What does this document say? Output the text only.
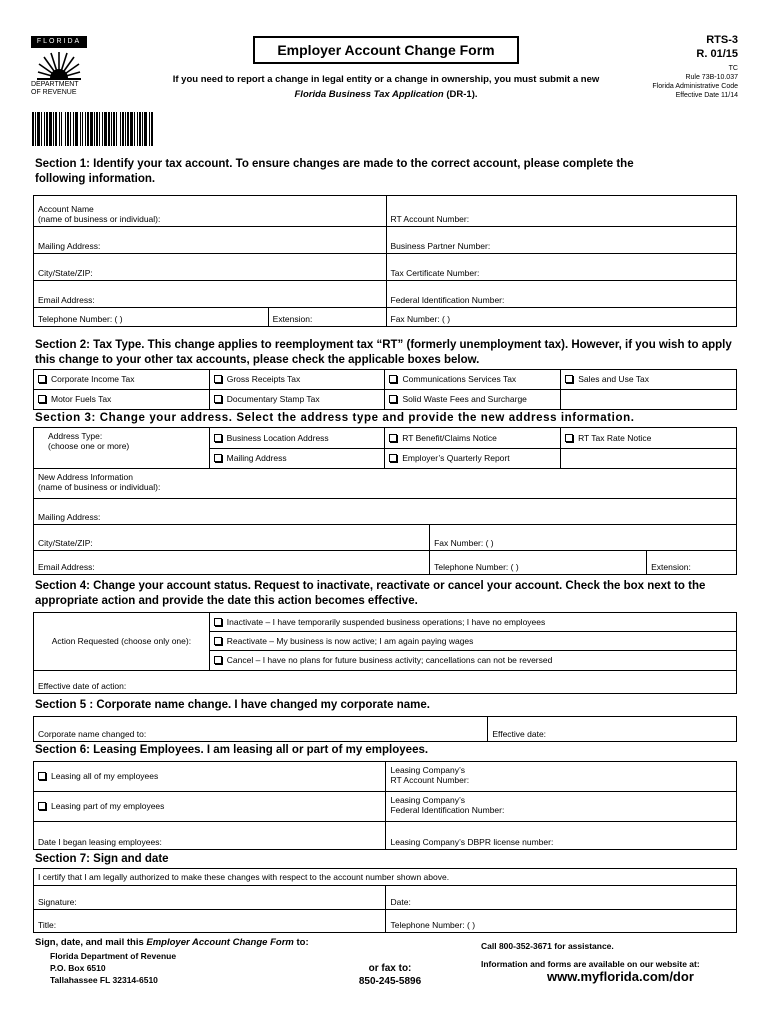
FLORIDA
DEPARTMENT
OF REVENUE
Employer Account Change Form
If you need to report a change in legal entity or a change in ownership, you must submit a new
Florida Business Tax Application (DR-1).
RTS-3
R. 01/15
TC
Rule 73B-10.037
Florida Administrative Code
Effective Date 11/14
Section 1: Identify your tax account. To ensure changes are made to the correct account, please complete the
following information.
Account Name
(name of business or individual):		RT Account Number:
Mailing Address:		Business Partner Number:
City/State/ZIP:		Tax Certificate Number:
Email Address:		Federal Identification Number:
Telephone Number: ( )	Extension:	Fax Number: ( )
Section 2: Tax Type. This change applies to reemployment tax “RT” (formerly unemployment tax). However, if you wish to apply
this change to your other tax accounts, please check the applicable boxes below.
Corporate Income Tax	Gross Receipts Tax	Communications Services Tax	Sales and Use Tax
Motor Fuels Tax	Documentary Stamp Tax	Solid Waste Fees and Surcharge	
Section 3: Change your address. Select the address type and provide the new address information.
Address Type:
(choose one or more)	Business Location Address	RT Benefit/Claims Notice		RT Tax Rate Notice
	Mailing Address	Employer’s Quarterly Report		

New Address Information
(name of business or individual):				

Mailing Address:				
City/State/ZIP:			Fax Number: ( )	
Email Address:			Telephone Number: ( ) Extension:	
Section 4: Change your account status. Request to inactivate, reactivate or cancel your account. Check the box next to the
appropriate action and provide the date this action becomes effective.
Action Requested (choose only one):	Inactivate – I have temporarily suspended business operations; I have no employees
Reactivate – My business is now active; I am again paying wages
Cancel – I have no plans for future business activity; cancellations can not be reversed
Effective date of action:
Section 5 : Corporate name change. I have changed my corporate name.
Corporate name changed to:	Effective date:
Section 6: Leasing Employees. I am leasing all or part of my employees.
Leasing all of my employees	Leasing Company’s
RT Account Number:

Leasing part of my employees	Leasing Company’s
Federal Identification Number:

Date I began leasing employees:	Leasing Company’s DBPR license number:
Section 7: Sign and date
I certify that I am legally authorized to make these changes with respect to the account number shown above.	
Signature:	Date:
Title:	Telephone Number: ( )
Sign, date, and mail this Employer Account Change Form to:
Florida Department of Revenue
P.O. Box 6510
Tallahassee FL 32314-6510
or fax to:
850-245-5896
Call 800-352-3671 for assistance.
Information and forms are available on our website at:
www.myflorida.com/dor
